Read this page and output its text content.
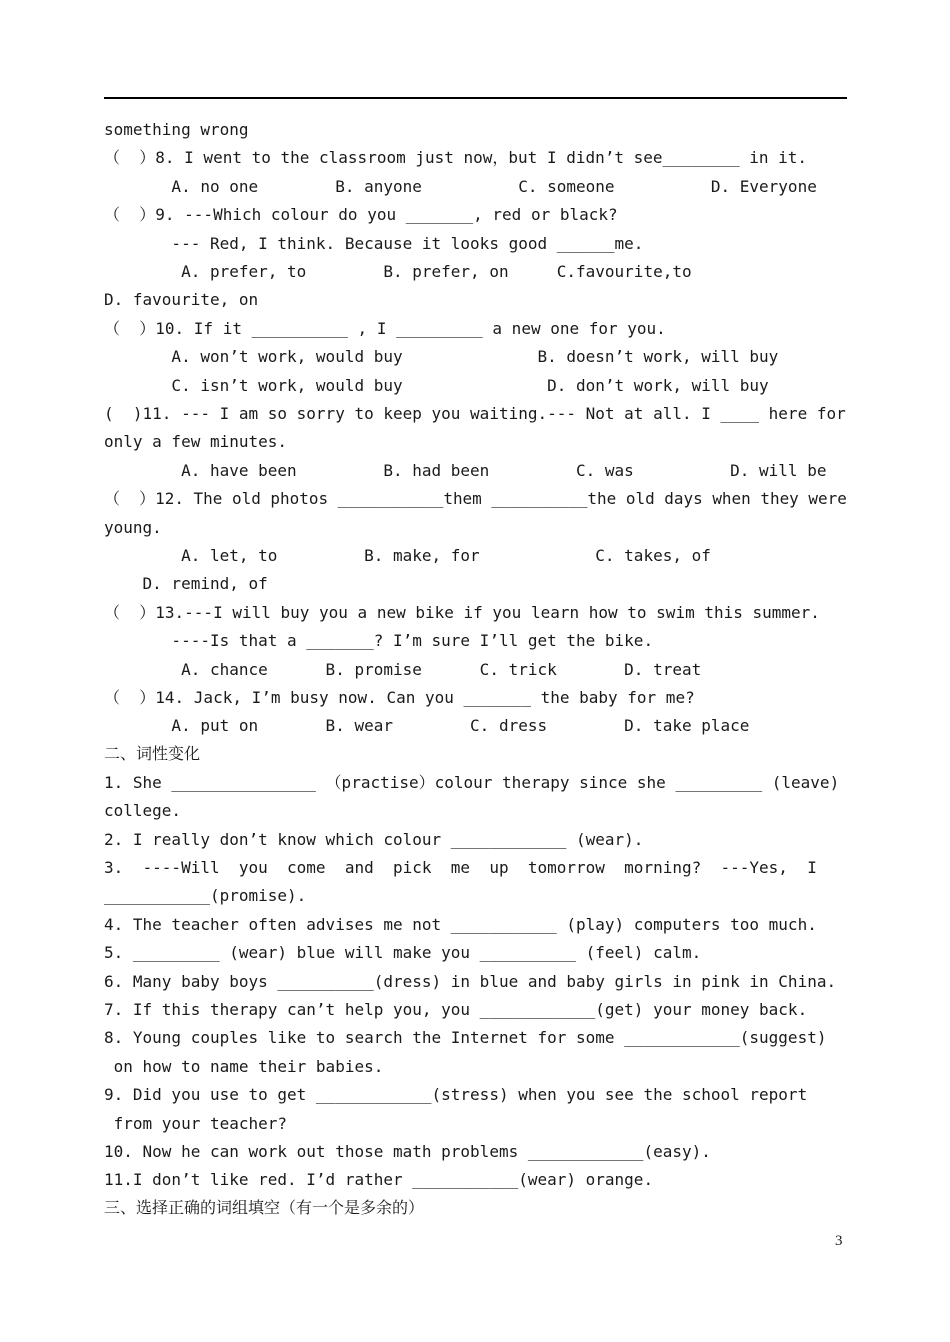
something wrong
（  ）8. I went to the classroom just now，but I didn’t see________ in it.
A. no one        B. anyone          C. someone          D. Everyone
（  ）9. ---Which colour do you _______, red or black?
--- Red, I think. Because it looks good ______me.
A. prefer, to        B. prefer, on     C.favourite,to
D. favourite, on
（  ）10. If it __________ , I _________ a new one for you.
A. won’t work, would buy              B. doesn’t work, will buy
C. isn’t work, would buy               D. don’t work, will buy
(  )11. --- I am so sorry to keep you waiting.--- Not at all. I ____ here for
only a few minutes.
A. have been         B. had been         C. was          D. will be
（  ）12. The old photos ___________them __________the old days when they were
young.
A. let, to         B. make, for            C. takes, of
D. remind, of
（  ）13.---I will buy you a new bike if you learn how to swim this summer.
----Is that a _______? I’m sure I’ll get the bike.
A. chance      B. promise      C. trick       D. treat
（  ）14. Jack, I’m busy now. Can you _______ the baby for me?
A. put on       B. wear        C. dress        D. take place
二、词性变化
1. She _______________ （practise）colour therapy since she _________ (leave)
college.
2. I really don’t know which colour ____________ (wear).
3.  ----Will  you  come  and  pick  me  up  tomorrow  morning?  ---Yes,  I
___________(promise).
4. The teacher often advises me not ___________ (play) computers too much.
5. _________ (wear) blue will make you __________ (feel) calm.
6. Many baby boys __________(dress) in blue and baby girls in pink in China.
7. If this therapy can’t help you, you ____________(get) your money back.
8. Young couples like to search the Internet for some ____________(suggest)
on how to name their babies.
9. Did you use to get ____________(stress) when you see the school report
from your teacher?
10. Now he can work out those math problems ____________(easy).
11.I don’t like red. I’d rather ___________(wear) orange.
三、选择正确的词组填空（有一个是多余的）
3
